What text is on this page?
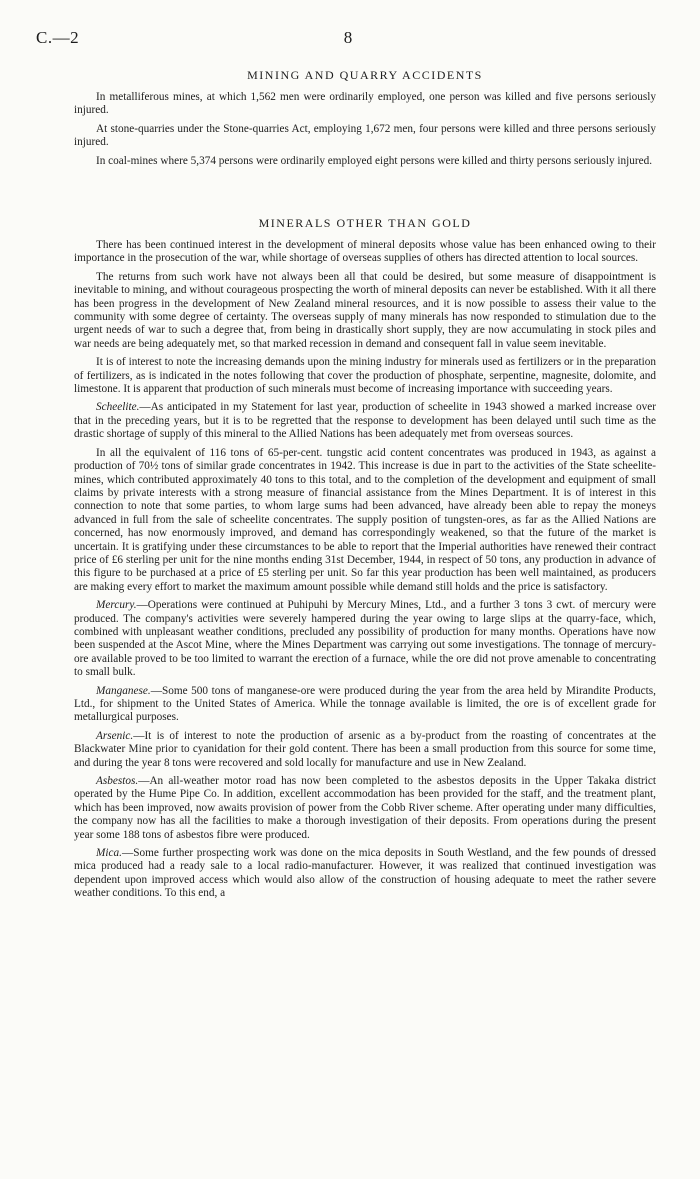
C.—2	8
MINING AND QUARRY ACCIDENTS

In metalliferous mines, at which 1,562 men were ordinarily employed, one person was killed and five persons seriously injured.

At stone-quarries under the Stone-quarries Act, employing 1,672 men, four persons were killed and three persons seriously injured.

In coal-mines where 5,374 persons were ordinarily employed eight persons were killed and thirty persons seriously injured.

MINERALS OTHER THAN GOLD

There has been continued interest in the development of mineral deposits whose value has been enhanced owing to their importance in the prosecution of the war, while shortage of overseas supplies of others has directed attention to local sources.

The returns from such work have not always been all that could be desired, but some measure of disappointment is inevitable to mining, and without courageous prospecting the worth of mineral deposits can never be established. With it all there has been progress in the development of New Zealand mineral resources, and it is now possible to assess their value to the community with some degree of certainty. The overseas supply of many minerals has now responded to stimulation due to the urgent needs of war to such a degree that, from being in drastically short supply, they are now accumulating in stock piles and war needs are being adequately met, so that marked recession in demand and consequent fall in value seem inevitable.

It is of interest to note the increasing demands upon the mining industry for minerals used as fertilizers or in the preparation of fertilizers, as is indicated in the notes following that cover the production of phosphate, serpentine, magnesite, dolomite, and limestone. It is apparent that production of such minerals must become of increasing importance with succeeding years.

Scheelite.—As anticipated in my Statement for last year, production of scheelite in 1943 showed a marked increase over that in the preceding years, but it is to be regretted that the response to development has been delayed until such time as the drastic shortage of supply of this mineral to the Allied Nations has been adequately met from overseas sources.

In all the equivalent of 116 tons of 65-per-cent. tungstic acid content concentrates was produced in 1943, as against a production of 70½ tons of similar grade concentrates in 1942. This increase is due in part to the activities of the State scheelite-mines, which contributed approximately 40 tons to this total, and to the completion of the development and equipment of small claims by private interests with a strong measure of financial assistance from the Mines Department. It is of interest in this connection to note that some parties, to whom large sums had been advanced, have already been able to repay the moneys advanced in full from the sale of scheelite concentrates. The supply position of tungsten-ores, as far as the Allied Nations are concerned, has now enormously improved, and demand has correspondingly weakened, so that the future of the market is uncertain. It is gratifying under these circumstances to be able to report that the Imperial authorities have renewed their contract price of £6 sterling per unit for the nine months ending 31st December, 1944, in respect of 50 tons, any production in advance of this figure to be purchased at a price of £5 sterling per unit. So far this year production has been well maintained, as producers are making every effort to market the maximum amount possible while demand still holds and the price is satisfactory.

Mercury.—Operations were continued at Puhipuhi by Mercury Mines, Ltd., and a further 3 tons 3 cwt. of mercury were produced. The company's activities were severely hampered during the year owing to large slips at the quarry-face, which, combined with unpleasant weather conditions, precluded any possibility of production for many months. Operations have now been suspended at the Ascot Mine, where the Mines Department was carrying out some investigations. The tonnage of mercury-ore available proved to be too limited to warrant the erection of a furnace, while the ore did not prove amenable to concentrating to small bulk.

Manganese.—Some 500 tons of manganese-ore were produced during the year from the area held by Mirandite Products, Ltd., for shipment to the United States of America. While the tonnage available is limited, the ore is of excellent grade for metallurgical purposes.

Arsenic.—It is of interest to note the production of arsenic as a by-product from the roasting of concentrates at the Blackwater Mine prior to cyanidation for their gold content. There has been a small production from this source for some time, and during the year 8 tons were recovered and sold locally for manufacture and use in New Zealand.

Asbestos.—An all-weather motor road has now been completed to the asbestos deposits in the Upper Takaka district operated by the Hume Pipe Co. In addition, excellent accommodation has been provided for the staff, and the treatment plant, which has been improved, now awaits provision of power from the Cobb River scheme. After operating under many difficulties, the company now has all the facilities to make a thorough investigation of their deposits. From operations during the present year some 188 tons of asbestos fibre were produced.

Mica.—Some further prospecting work was done on the mica deposits in South Westland, and the few pounds of dressed mica produced had a ready sale to a local radio-manufacturer. However, it was realized that continued investigation was dependent upon improved access which would also allow of the construction of housing adequate to meet the rather severe weather conditions. To this end, a
